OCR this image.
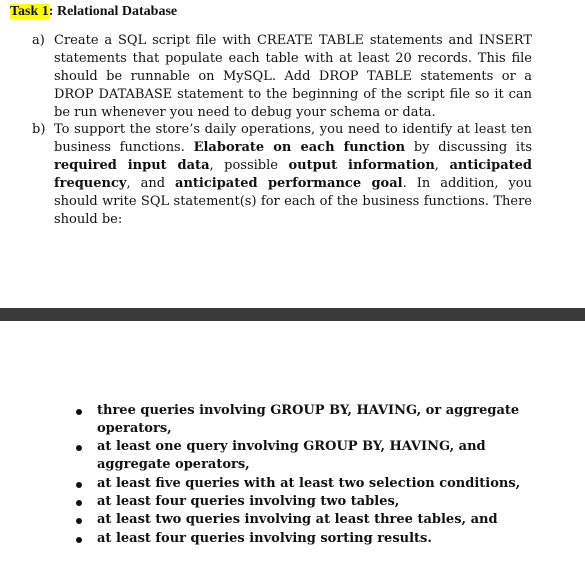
Task 1: Relational Database
a) Create a SQL script file with CREATE TABLE statements and INSERT statements that populate each table with at least 20 records. This file should be runnable on MySQL. Add DROP TABLE statements or a DROP DATABASE statement to the beginning of the script file so it can be run whenever you need to debug your schema or data.
b) To support the store’s daily operations, you need to identify at least ten business functions. Elaborate on each function by discussing its required input data, possible output information, anticipated frequency, and anticipated performance goal. In addition, you should write SQL statement(s) for each of the business functions. There should be:
three queries involving GROUP BY, HAVING, or aggregate operators,
at least one query involving GROUP BY, HAVING, and aggregate operators,
at least five queries with at least two selection conditions,
at least four queries involving two tables,
at least two queries involving at least three tables, and
at least four queries involving sorting results.
